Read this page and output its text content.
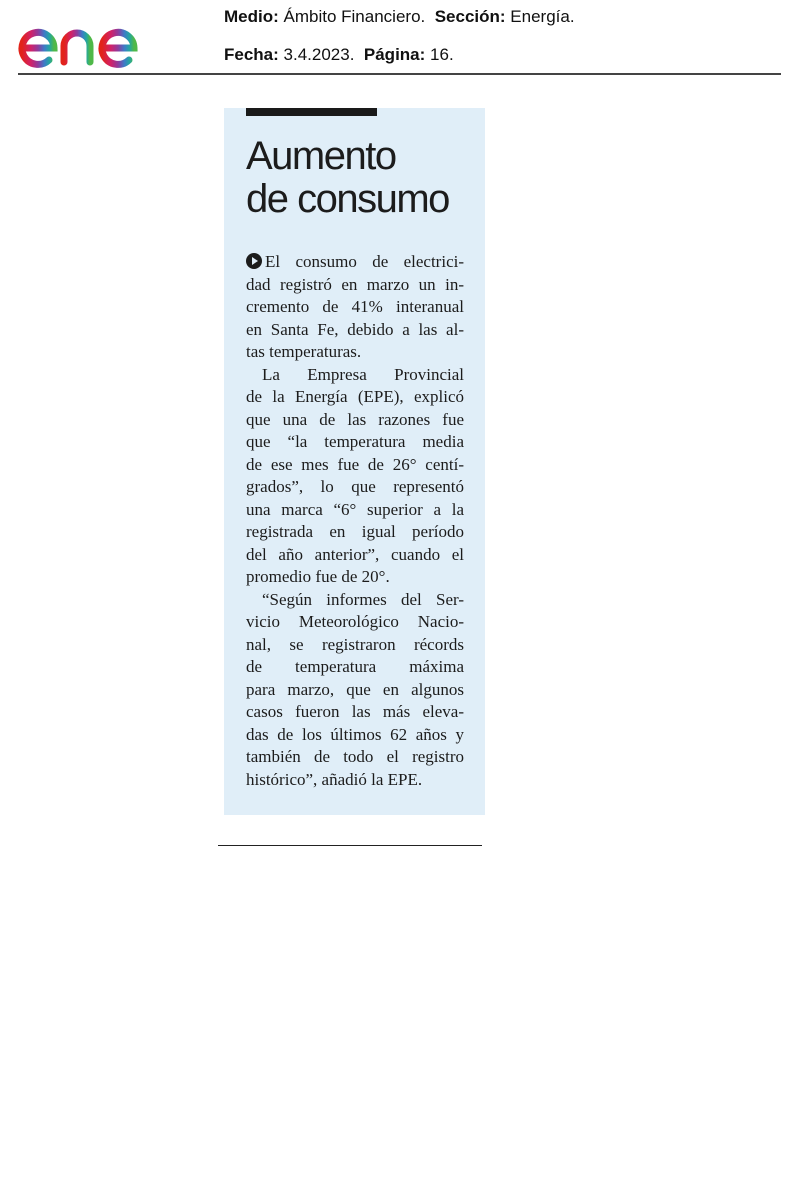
Medio: Ámbito Financiero. Sección: Energía.
Fecha: 3.4.2023. Página: 16.
Aumento
de consumo
El consumo de electrici-
dad registró en marzo un in-
cremento de 41% interanual
en Santa Fe, debido a las al-
tas temperaturas.
La Empresa Provincial
de la Energía (EPE), explicó
que una de las razones fue
que “la temperatura media
de ese mes fue de 26° centí-
grados”, lo que representó
una marca “6° superior a la
registrada en igual período
del año anterior”, cuando el
promedio fue de 20°.
“Según informes del Ser-
vicio Meteorológico Nacio-
nal, se registraron récords
de temperatura máxima
para marzo, que en algunos
casos fueron las más eleva-
das de los últimos 62 años y
también de todo el registro
histórico”, añadió la EPE.
